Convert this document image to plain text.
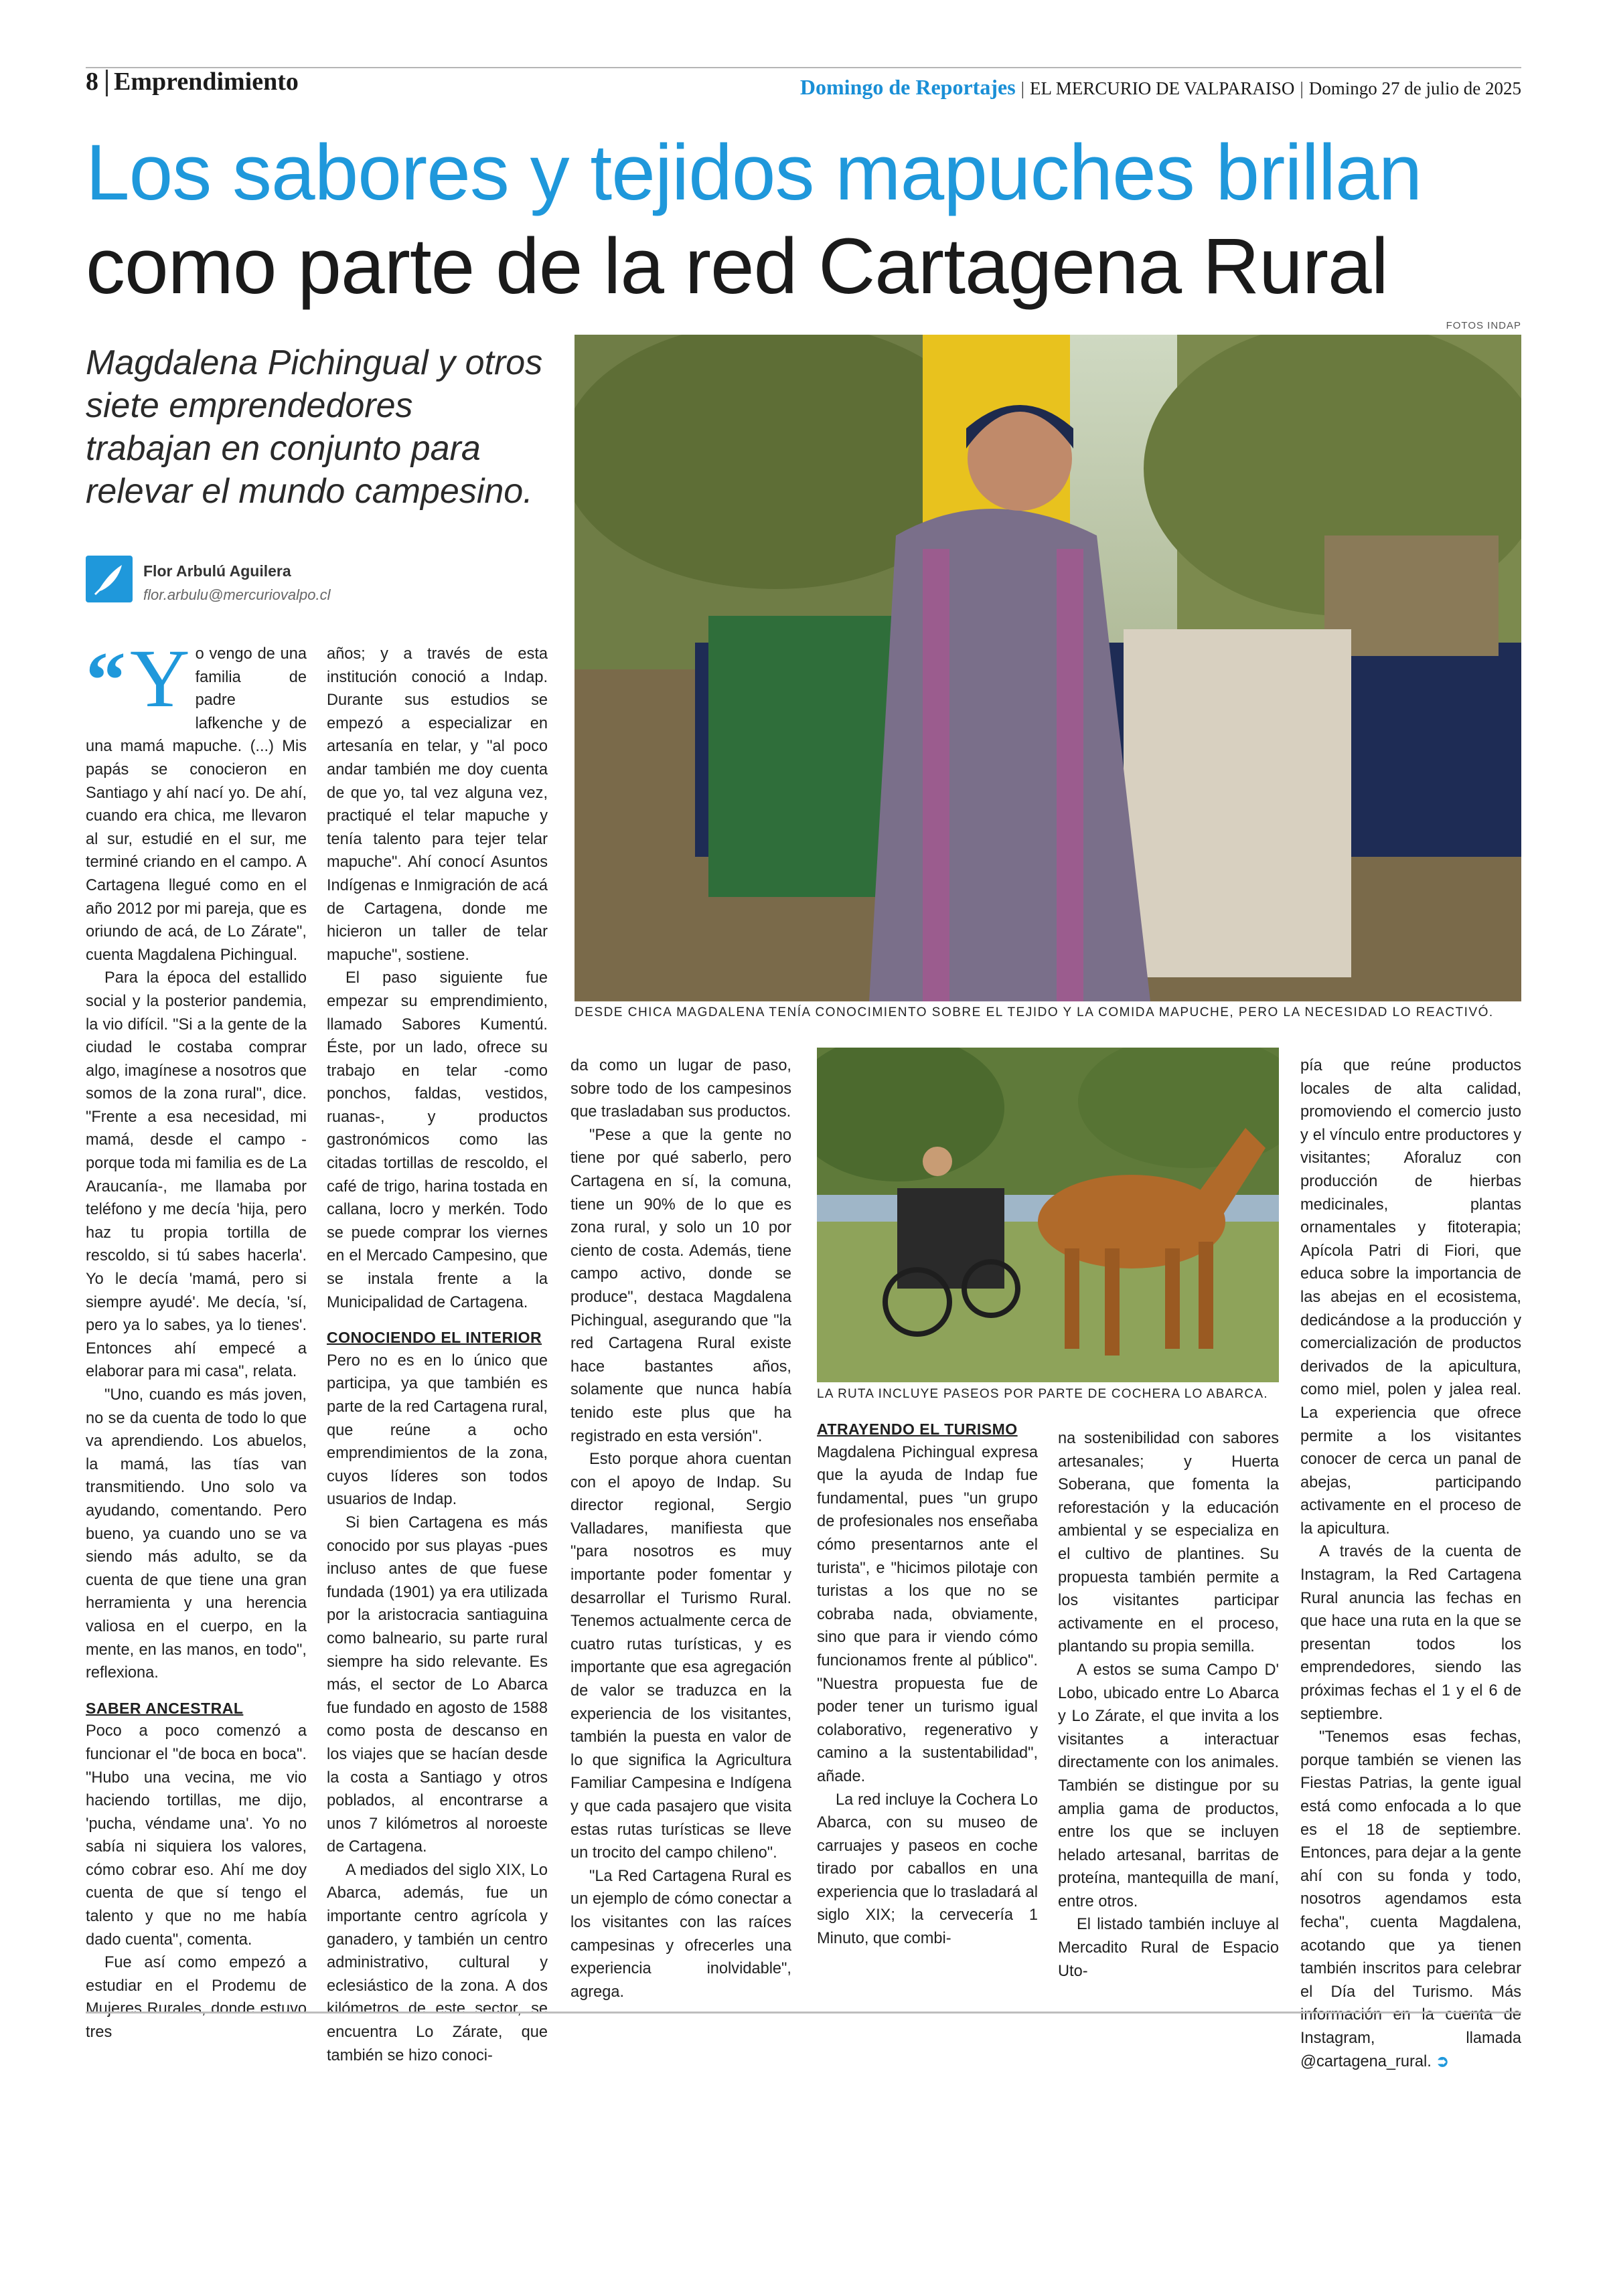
8 Emprendimiento	Domingo de Reportajes | EL MERCURIO DE VALPARAISO | Domingo 27 de julio de 2025
Los sabores y tejidos mapuches brillan
como parte de la red Cartagena Rural
FOTOS INDAP
Magdalena Pichingual y otros siete emprendedores trabajan en conjunto para relevar el mundo campesino.
Flor Arbulú Aguilera
flor.arbulu@mercuriovalpo.cl
DESDE CHICA MAGDALENA TENÍA CONOCIMIENTO SOBRE EL TEJIDO Y LA COMIDA MAPUCHE, PERO LA NECESIDAD LO REACTIVÓ.
LA RUTA INCLUYE PASEOS POR PARTE DE COCHERA LO ABARCA.

“ Y o vengo de una familia de padre lafkenche y de una mamá mapuche. (...) Mis papás se conocieron en Santiago y ahí nací yo. De ahí, cuando era chica, me llevaron al sur, estudié en el sur, me terminé criando en el campo. A Cartagena llegué como en el año 2012 por mi pareja, que es oriundo de acá, de Lo Zárate", cuenta Magdalena Pichingual.

Para la época del estallido social y la posterior pandemia, la vio difícil. "Si a la gente de la ciudad le costaba comprar algo, imagínese a nosotros que somos de la zona rural", dice. "Frente a esa necesidad, mi mamá, desde el campo -porque toda mi familia es de La Araucanía-, me llamaba por teléfono y me decía 'hija, pero haz tu propia tortilla de rescoldo, si tú sabes hacerla'. Yo le decía 'mamá, pero si siempre ayudé'. Me decía, 'sí, pero ya lo sabes, ya lo tienes'. Entonces ahí empecé a elaborar para mi casa", relata.

"Uno, cuando es más joven, no se da cuenta de todo lo que va aprendiendo. Los abuelos, la mamá, las tías van transmitiendo. Uno solo va ayudando, comentando. Pero bueno, ya cuando uno se va siendo más adulto, se da cuenta de que tiene una gran herramienta y una herencia valiosa en el cuerpo, en la mente, en las manos, en todo", reflexiona.

SABER ANCESTRAL

Poco a poco comenzó a funcionar el "de boca en boca". "Hubo una vecina, me vio haciendo tortillas, me dijo, 'pucha, véndame una'. Yo no sabía ni siquiera los valores, cómo cobrar eso. Ahí me doy cuenta de que sí tengo el talento y que no me había dado cuenta", comenta.

Fue así como empezó a estudiar en el Prodemu de Mujeres Rurales, donde estuvo tres

años; y a través de esta institución conoció a Indap. Durante sus estudios se empezó a especializar en artesanía en telar, y "al poco andar también me doy cuenta de que yo, tal vez alguna vez, practiqué el telar mapuche y tenía talento para tejer telar mapuche". Ahí conocí Asuntos Indígenas e Inmigración de acá de Cartagena, donde me hicieron un taller de telar mapuche", sostiene.

El paso siguiente fue empezar su emprendimiento, llamado Sabores Kumentú. Éste, por un lado, ofrece su trabajo en telar -como ponchos, faldas, vestidos, ruanas-, y productos gastronómicos como las citadas tortillas de rescoldo, el café de trigo, harina tostada en callana, locro y merkén. Todo se puede comprar los viernes en el Mercado Campesino, que se instala frente a la Municipalidad de Cartagena.

CONOCIENDO EL INTERIOR

Pero no es en lo único que participa, ya que también es parte de la red Cartagena rural, que reúne a ocho emprendimientos de la zona, cuyos líderes son todos usuarios de Indap.

Si bien Cartagena es más conocido por sus playas -pues incluso antes de que fuese fundada (1901) ya era utilizada por la aristocracia santiaguina como balneario, su parte rural siempre ha sido relevante. Es más, el sector de Lo Abarca fue fundado en agosto de 1588 como posta de descanso en los viajes que se hacían desde la costa a Santiago y otros poblados, al encontrarse a unos 7 kilómetros al noroeste de Cartagena.

A mediados del siglo XIX, Lo Abarca, además, fue un importante centro agrícola y ganadero, y también un centro administrativo, cultural y eclesiástico de la zona. A dos kilómetros de este sector, se encuentra Lo Zárate, que también se hizo conoci-

da como un lugar de paso, sobre todo de los campesinos que trasladaban sus productos.

"Pese a que la gente no tiene por qué saberlo, pero Cartagena en sí, la comuna, tiene un 90% de lo que es zona rural, y solo un 10 por ciento de costa. Además, tiene campo activo, donde se produce", destaca Magdalena Pichingual, asegurando que "la red Cartagena Rural existe hace bastantes años, solamente que nunca había tenido este plus que ha registrado en esta versión".

Esto porque ahora cuentan con el apoyo de Indap. Su director regional, Sergio Valladares, manifiesta que "para nosotros es muy importante poder fomentar y desarrollar el Turismo Rural. Tenemos actualmente cerca de cuatro rutas turísticas, y es importante que esa agregación de valor se traduzca en la experiencia de los visitantes, también la puesta en valor de lo que significa la Agricultura Familiar Campesina e Indígena y que cada pasajero que visita estas rutas turísticas se lleve un trocito del campo chileno".

"La Red Cartagena Rural es un ejemplo de cómo conectar a los visitantes con las raíces campesinas y ofrecerles una experiencia inolvidable", agrega.

ATRAYENDO EL TURISMO

Magdalena Pichingual expresa que la ayuda de Indap fue fundamental, pues "un grupo de profesionales nos enseñaba cómo presentarnos ante el turista", e "hicimos pilotaje con turistas a los que no se cobraba nada, obviamente, sino que para ir viendo cómo funcionamos frente al público". "Nuestra propuesta fue de poder tener un turismo igual colaborativo, regenerativo y camino a la sustentabilidad", añade.

La red incluye la Cochera Lo Abarca, con su museo de carruajes y paseos en coche tirado por caballos en una experiencia que lo trasladará al siglo XIX; la cervecería 1 Minuto, que combi-

na sostenibilidad con sabores artesanales; y Huerta Soberana, que fomenta la reforestación y la educación ambiental y se especializa en el cultivo de plantines. Su propuesta también permite a los visitantes participar activamente en el proceso, plantando su propia semilla.

A estos se suma Campo D' Lobo, ubicado entre Lo Abarca y Lo Zárate, el que invita a los visitantes a interactuar directamente con los animales. También se distingue por su amplia gama de productos, entre los que se incluyen helado artesanal, barritas de proteína, mantequilla de maní, entre otros.

El listado también incluye al Mercadito Rural de Espacio Uto-

pía que reúne productos locales de alta calidad, promoviendo el comercio justo y el vínculo entre productores y visitantes; Aforaluz con producción de hierbas medicinales, plantas ornamentales y fitoterapia; Apícola Patri di Fiori, que educa sobre la importancia de las abejas en el ecosistema, dedicándose a la producción y comercialización de productos derivados de la apicultura, como miel, polen y jalea real. La experiencia que ofrece permite a los visitantes conocer de cerca un panal de abejas, participando activamente en el proceso de la apicultura.

A través de la cuenta de Instagram, la Red Cartagena Rural anuncia las fechas en que hace una ruta en la que se presentan todos los emprendedores, siendo las próximas fechas el 1 y el 6 de septiembre.

"Tenemos esas fechas, porque también se vienen las Fiestas Patrias, la gente igual está como enfocada a lo que es el 18 de septiembre. Entonces, para dejar a la gente ahí con su fonda y todo, nosotros agendamos esta fecha", cuenta Magdalena, acotando que ya tienen también inscritos para celebrar el Día del Turismo. Más información en la cuenta de Instagram, llamada @cartagena_rural. ➲
